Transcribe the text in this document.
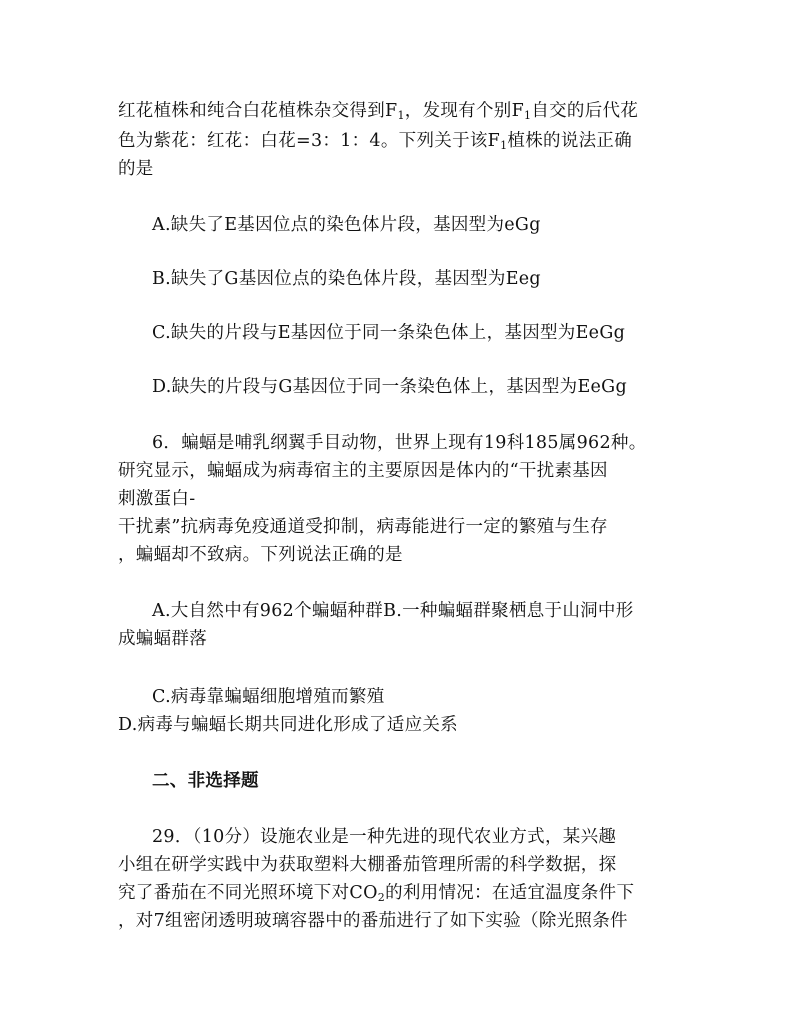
红花植株和纯合白花植株杂交得到$F_1$，发现有个别$F_1$自交的后代花
色为紫花：红花：白花=3：1：4。下列关于该$F_1$植株的说法正确
的是
A.缺失了E基因位点的染色体片段，基因型为eGg
B.缺失了G基因位点的染色体片段，基因型为Eeg
C.缺失的片段与E基因位于同一条染色体上，基因型为EeGg
D.缺失的片段与G基因位于同一条染色体上，基因型为EeGg
6．蝙蝠是哺乳纲翼手目动物，世界上现有19科185属962种。
研究显示，蝙蝠成为病毒宿主的主要原因是体内的“干扰素基因
刺激蛋白-
干扰素”抗病毒免疫通道受抑制，病毒能进行一定的繁殖与生存
，蝙蝠却不致病。下列说法正确的是
A.大自然中有962个蝙蝠种群B.一种蝙蝠群聚栖息于山洞中形
成蝙蝠群落
C.病毒靠蝙蝠细胞增殖而繁殖
D.病毒与蝙蝠长期共同进化形成了适应关系
二、非选择题
29．（10分）设施农业是一种先进的现代农业方式，某兴趣
小组在研学实践中为获取塑料大棚番茄管理所需的科学数据，探
究了番茄在不同光照环境下对$CO_2$的利用情况：在适宜温度条件下
，对7组密闭透明玻璃容器中的番茄进行了如下实验（除光照条件
